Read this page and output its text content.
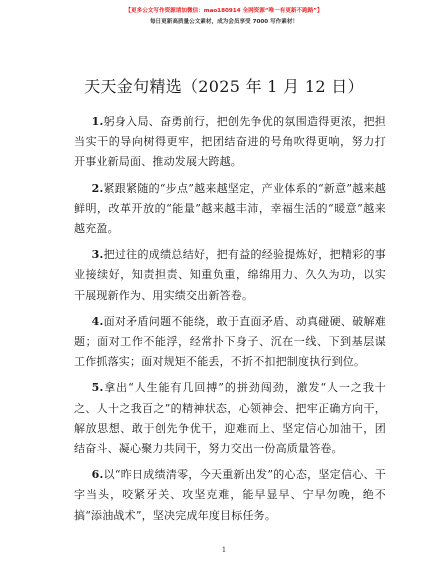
【更多公文写作资源请加微信：mao180914 全网资源“唯一有更新不跑路”】
每日更新高质量公文素材，成为会员享受 7000 写作素材！
天天金句精选（2025 年 1 月 12 日）

1.躬身入局、奋勇前行，把创先争优的氛围造得更浓，把担当实干的导向树得更牢，把团结奋进的号角吹得更响，努力打开事业新局面、推动发展大跨越。

2.紧跟紧随的“步点”越来越坚定，产业体系的“新意”越来越鲜明，改革开放的“能量”越来越丰沛，幸福生活的“暖意”越来越充盈。

3.把过往的成绩总结好，把有益的经验提炼好，把精彩的事业接续好，知责担责、知重负重，绵绵用力、久久为功，以实干展现新作为、用实绩交出新答卷。

4.面对矛盾问题不能绕，敢于直面矛盾、动真碰硬、破解难题；面对工作不能浮，经常扑下身子、沉在一线、下到基层谋工作抓落实；面对规矩不能丢，不折不扣把制度执行到位。

5.拿出“人生能有几回搏”的拼劲闯劲，激发“人一之我十之、人十之我百之”的精神状态，心领神会、把牢正确方向干，解放思想、敢于创先争优干，迎难而上、坚定信心加油干，团结奋斗、凝心聚力共同干，努力交出一份高质量答卷。

6.以“昨日成绩清零，今天重新出发”的心态，坚定信心、干字当头，咬紧牙关、攻坚克难，能早显早、宁早勿晚，绝不搞“添油战术”，坚决完成年度目标任务。

1
